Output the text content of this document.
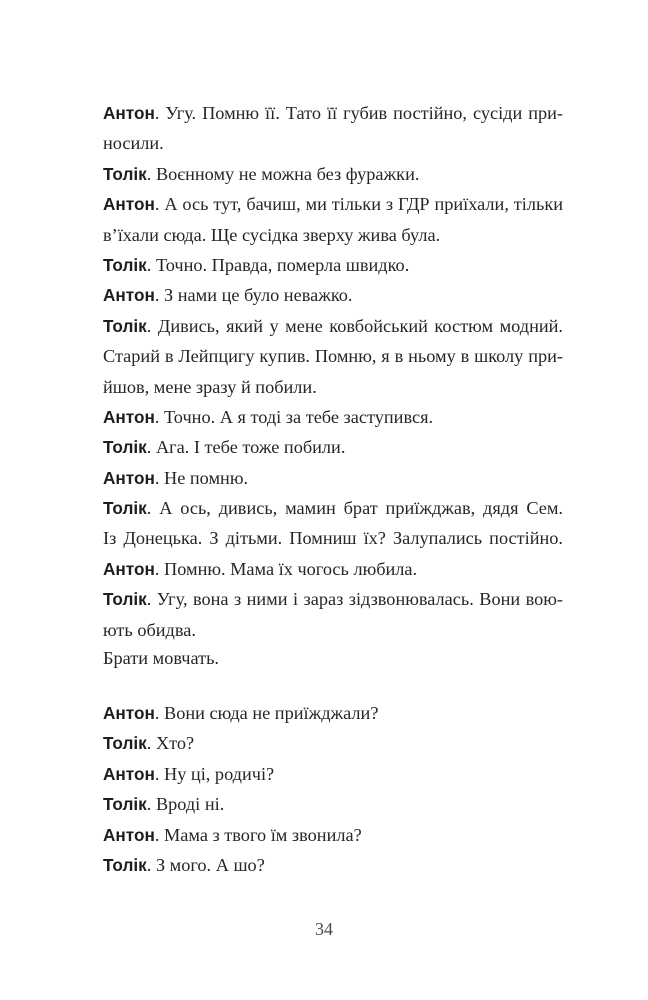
Антон. Угу. Помню її. Тато її губив постійно, сусіди при-
носили.
Толік. Воєнному не можна без фуражки.
Антон. А ось тут, бачиш, ми тільки з ГДР приїхали, тільки
в’їхали сюда. Ще сусідка зверху жива була.
Толік. Точно. Правда, померла швидко.
Антон. З нами це було неважко.
Толік. Дивись, який у мене ковбойський костюм модний.
Старий в Лейпцигу купив. Помню, я в ньому в школу при-
йшов, мене зразу й побили.
Антон. Точно. А я тоді за тебе заступився.
Толік. Ага. І тебе тоже побили.
Антон. Не помню.
Толік. А ось, дивись, мамин брат приїжджав, дядя Сем.
Із Донецька. З дітьми. Помниш їх? Залупались постійно.
Антон. Помню. Мама їх чогось любила.
Толік. Угу, вона з ними і зараз зідзвонювалась. Вони вою-
ють обидва.
Брати мовчать.
Антон. Вони сюда не приїжджали?
Толік. Хто?
Антон. Ну ці, родичі?
Толік. Вроді ні.
Антон. Мама з твого їм звонила?
Толік. З мого. А шо?
34
